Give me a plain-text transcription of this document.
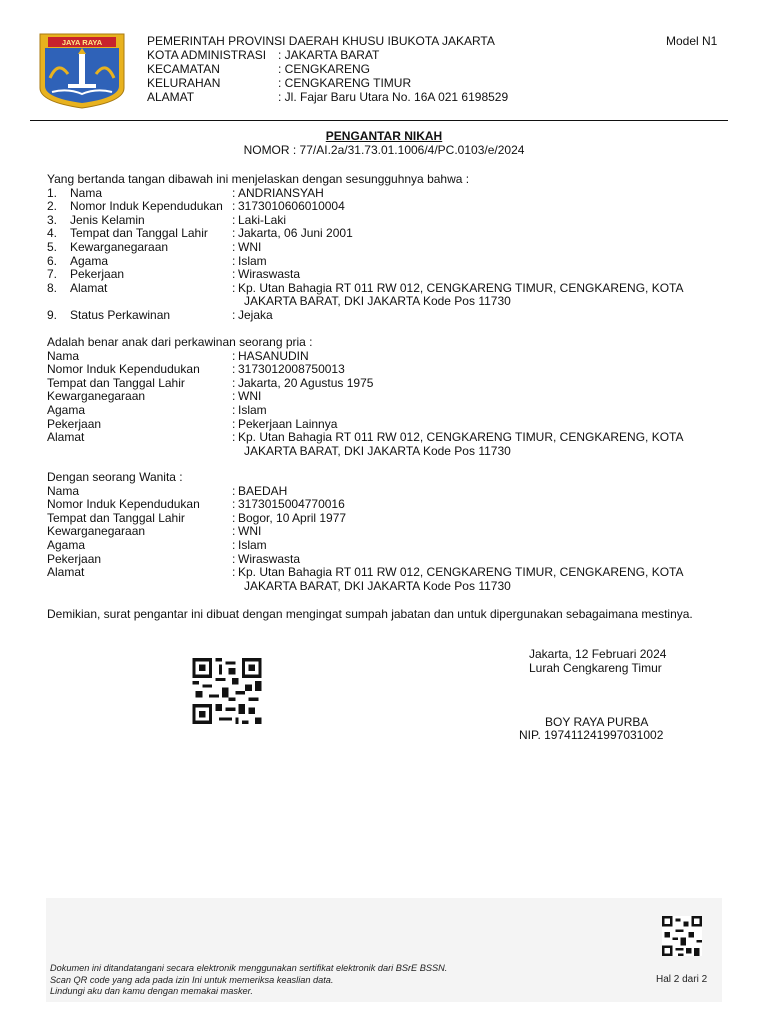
JAYA RAYA	PEMERINTAH PROVINSI DAERAH KHUSU IBUKOTA JAKARTA
KOTA ADMINISTRASI : JAKARTA BARAT
KECAMATAN	: CENGKARENG
KELURAHAN	: CENGKARENG TIMUR
ALAMAT	: Jl. Fajar Baru Utara No. 16A 021 6198529
Model N1
PENGANTAR NIKAH
NOMOR : 77/AI.2a/31.73.01.1006/4/PC.0103/e/2024
Yang bertanda tangan dibawah ini menjelaskan dengan sesungguhnya bahwa :
1.	Nama	: ANDRIANSYAH
2.	Nomor Induk Kependudukan : 3173010606010004
3.	Jenis Kelamin	: Laki-Laki
4.	Tempat dan Tanggal Lahir	: Jakarta, 06 Juni 2001
5.	Kewarganegaraan	: WNI
6.	Agama	: Islam
7.	Pekerjaan	: Wiraswasta
8.	Alamat	: Kp. Utan Bahagia RT 011 RW 012, CENGKARENG TIMUR, CENGKARENG, KOTA
JAKARTA BARAT, DKI JAKARTA Kode Pos 11730
9.	Status Perkawinan	: Jejaka
Adalah benar anak dari perkawinan seorang pria :
Nama	: HASANUDIN
Nomor Induk Kependudukan	: 3173012008750013
Tempat dan Tanggal Lahir	: Jakarta, 20 Agustus 1975
Kewarganegaraan	: WNI
Agama	: Islam
Pekerjaan	: Pekerjaan Lainnya
Alamat	: Kp. Utan Bahagia RT 011 RW 012, CENGKARENG TIMUR, CENGKARENG, KOTA
JAKARTA BARAT, DKI JAKARTA Kode Pos 11730
Dengan seorang Wanita :
Nama	: BAEDAH
Nomor Induk Kependudukan	: 3173015004770016
Tempat dan Tanggal Lahir	: Bogor, 10 April 1977
Kewarganegaraan	: WNI
Agama	: Islam
Pekerjaan	: Wiraswasta
Alamat	: Kp. Utan Bahagia RT 011 RW 012, CENGKARENG TIMUR, CENGKARENG, KOTA
JAKARTA BARAT, DKI JAKARTA Kode Pos 11730
Demikian, surat pengantar ini dibuat dengan mengingat sumpah jabatan dan untuk dipergunakan sebagaimana mestinya.
Jakarta, 12 Februari 2024
Lurah Cengkareng Timur
BOY RAYA PURBA
NIP. 197411241997031002
Dokumen ini ditandatangani secara elektronik menggunakan sertifikat elektronik dari BSrE BSSN.
Scan QR code yang ada pada izin Ini untuk memeriksa keaslian data.
Lindungi aku dan kamu dengan memakai masker.
Hal 2 dari 2
